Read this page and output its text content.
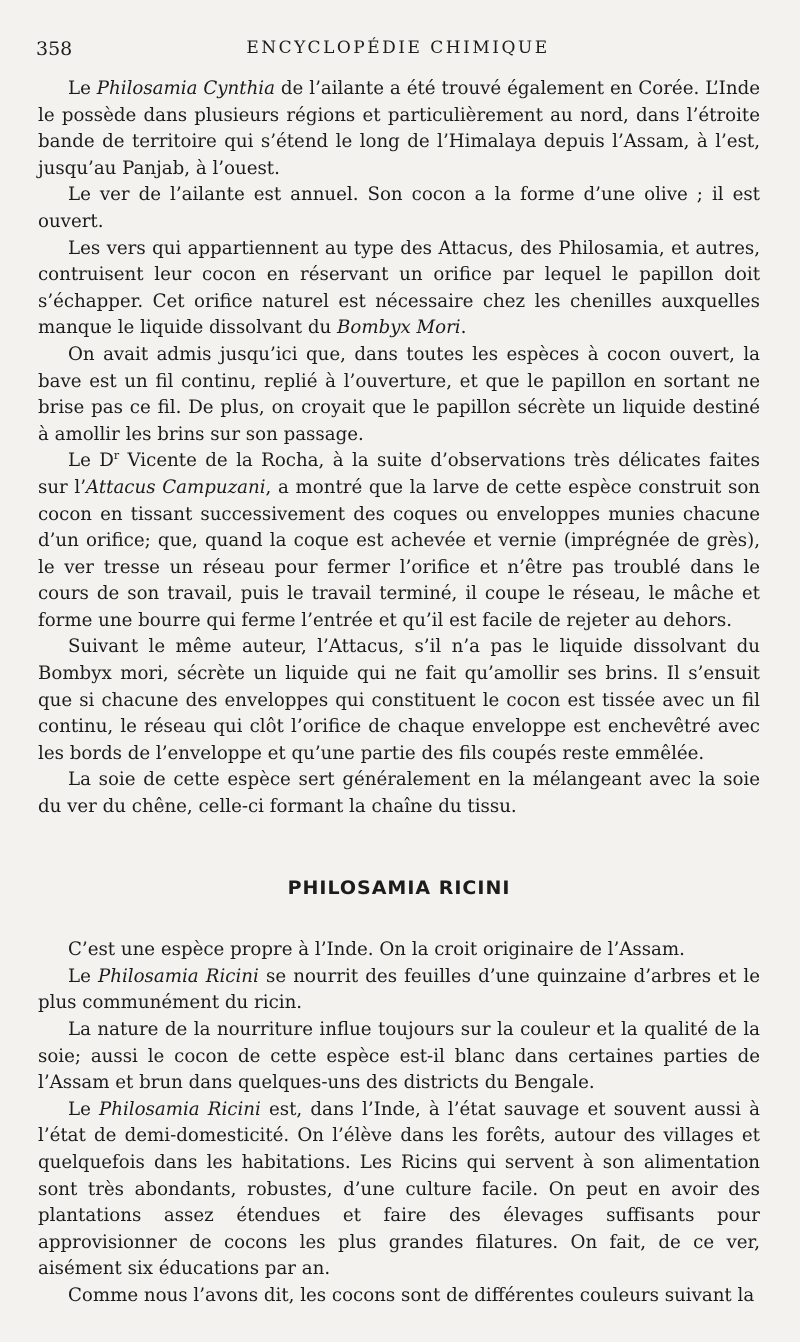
358	ENCYCLOPÉDIE CHIMIQUE

Le Philosamia Cynthia de l’ailante a été trouvé également en Corée. L’Inde le possède dans plusieurs régions et particulièrement au nord, dans l’étroite bande de territoire qui s’étend le long de l’Himalaya depuis l’Assam, à l’est, jusqu’au Panjab, à l’ouest.

Le ver de l’ailante est annuel. Son cocon a la forme d’une olive ; il est ouvert.

Les vers qui appartiennent au type des Attacus, des Philosamia, et autres, contruisent leur cocon en réservant un orifice par lequel le papillon doit s’échapper. Cet orifice naturel est nécessaire chez les chenilles auxquelles manque le liquide dissolvant du Bombyx Mori.

On avait admis jusqu’ici que, dans toutes les espèces à cocon ouvert, la bave est un fil continu, replié à l’ouverture, et que le papillon en sortant ne brise pas ce fil. De plus, on croyait que le papillon sécrète un liquide destiné à amollir les brins sur son passage.

Le $D^r$ Vicente de la Rocha, à la suite d’observations très délicates faites sur l’Attacus Campuzani, a montré que la larve de cette espèce construit son cocon en tissant successivement des coques ou enveloppes munies chacune d’un orifice; que, quand la coque est achevée et vernie (imprégnée de grès), le ver tresse un réseau pour fermer l’orifice et n’être pas troublé dans le cours de son travail, puis le travail terminé, il coupe le réseau, le mâche et forme une bourre qui ferme l’entrée et qu’il est facile de rejeter au dehors.

Suivant le même auteur, l’Attacus, s’il n’a pas le liquide dissolvant du Bombyx mori, sécrète un liquide qui ne fait qu’amollir ses brins. Il s’ensuit que si chacune des enveloppes qui constituent le cocon est tissée avec un fil continu, le réseau qui clôt l’orifice de chaque enveloppe est enchevêtré avec les bords de l’enveloppe et qu’une partie des fils coupés reste emmêlée.

La soie de cette espèce sert généralement en la mélangeant avec la soie du ver du chêne, celle-ci formant la chaîne du tissu.

PHILOSAMIA RICINI

C’est une espèce propre à l’Inde. On la croit originaire de l’Assam.

Le Philosamia Ricini se nourrit des feuilles d’une quinzaine d’arbres et le plus communément du ricin.

La nature de la nourriture influe toujours sur la couleur et la qualité de la soie; aussi le cocon de cette espèce est-il blanc dans certaines parties de l’Assam et brun dans quelques-uns des districts du Bengale.

Le Philosamia Ricini est, dans l’Inde, à l’état sauvage et souvent aussi à l’état de demi-domesticité. On l’élève dans les forêts, autour des villages et quelquefois dans les habitations. Les Ricins qui servent à son alimentation sont très abondants, robustes, d’une culture facile. On peut en avoir des plantations assez étendues et faire des élevages suffisants pour approvisionner de cocons les plus grandes filatures. On fait, de ce ver, aisément six éducations par an.

Comme nous l’avons dit, les cocons sont de différentes couleurs suivant la
